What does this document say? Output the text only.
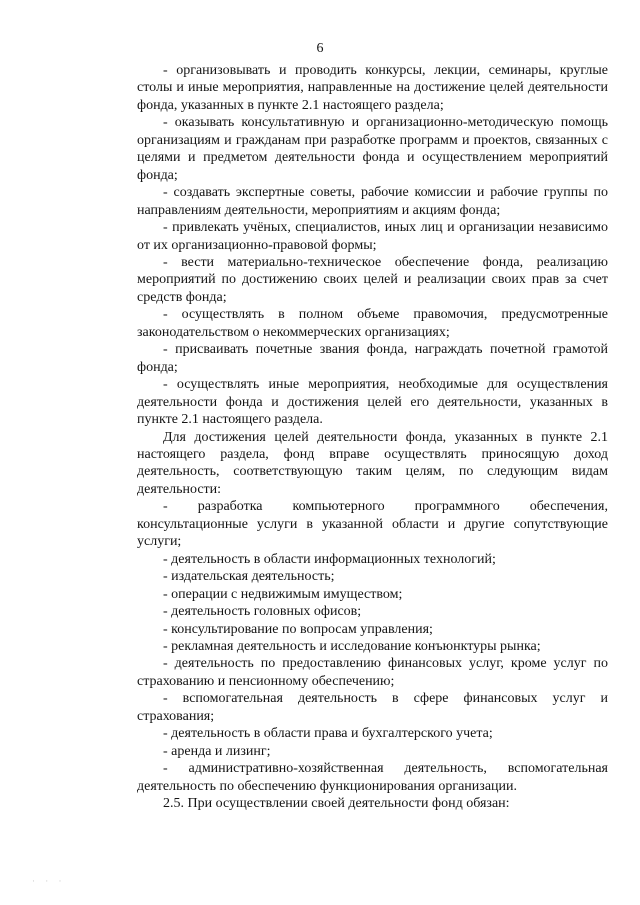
6

- организовывать и проводить конкурсы, лекции, семинары, круглые столы и иные мероприятия, направленные на достижение целей деятельности фонда, указанных в пункте 2.1 настоящего раздела;

- оказывать консультативную и организационно-методическую помощь организациям и гражданам при разработке программ и проектов, связанных с целями и предметом деятельности фонда и осуществлением мероприятий фонда;

- создавать экспертные советы, рабочие комиссии и рабочие группы по направлениям деятельности, мероприятиям и акциям фонда;

- привлекать учёных, специалистов, иных лиц и организации независимо от их организационно-правовой формы;

- вести материально-техническое обеспечение фонда, реализацию мероприятий по достижению своих целей и реализации своих прав за счет средств фонда;

- осуществлять в полном объеме правомочия, предусмотренные законодательством о некоммерческих организациях;

- присваивать почетные звания фонда, награждать почетной грамотой фонда;

- осуществлять иные мероприятия, необходимые для осуществления деятельности фонда и достижения целей его деятельности, указанных в пункте 2.1 настоящего раздела.

Для достижения целей деятельности фонда, указанных в пункте 2.1 настоящего раздела, фонд вправе осуществлять приносящую доход деятельность, соответствующую таким целям, по следующим видам деятельности:

- разработка компьютерного программного обеспечения, консультационные услуги в указанной области и другие сопутствующие услуги;

- деятельность в области информационных технологий;

- издательская деятельность;

- операции с недвижимым имуществом;

- деятельность головных офисов;

- консультирование по вопросам управления;

- рекламная деятельность и исследование конъюнктуры рынка;

- деятельность по предоставлению финансовых услуг, кроме услуг по страхованию и пенсионному обеспечению;

- вспомогательная деятельность в сфере финансовых услуг и страхования;

- деятельность в области права и бухгалтерского учета;

- аренда и лизинг;

- административно-хозяйственная деятельность, вспомогательная деятельность по обеспечению функционирования организации.

2.5. При осуществлении своей деятельности фонд обязан:

· · ·
